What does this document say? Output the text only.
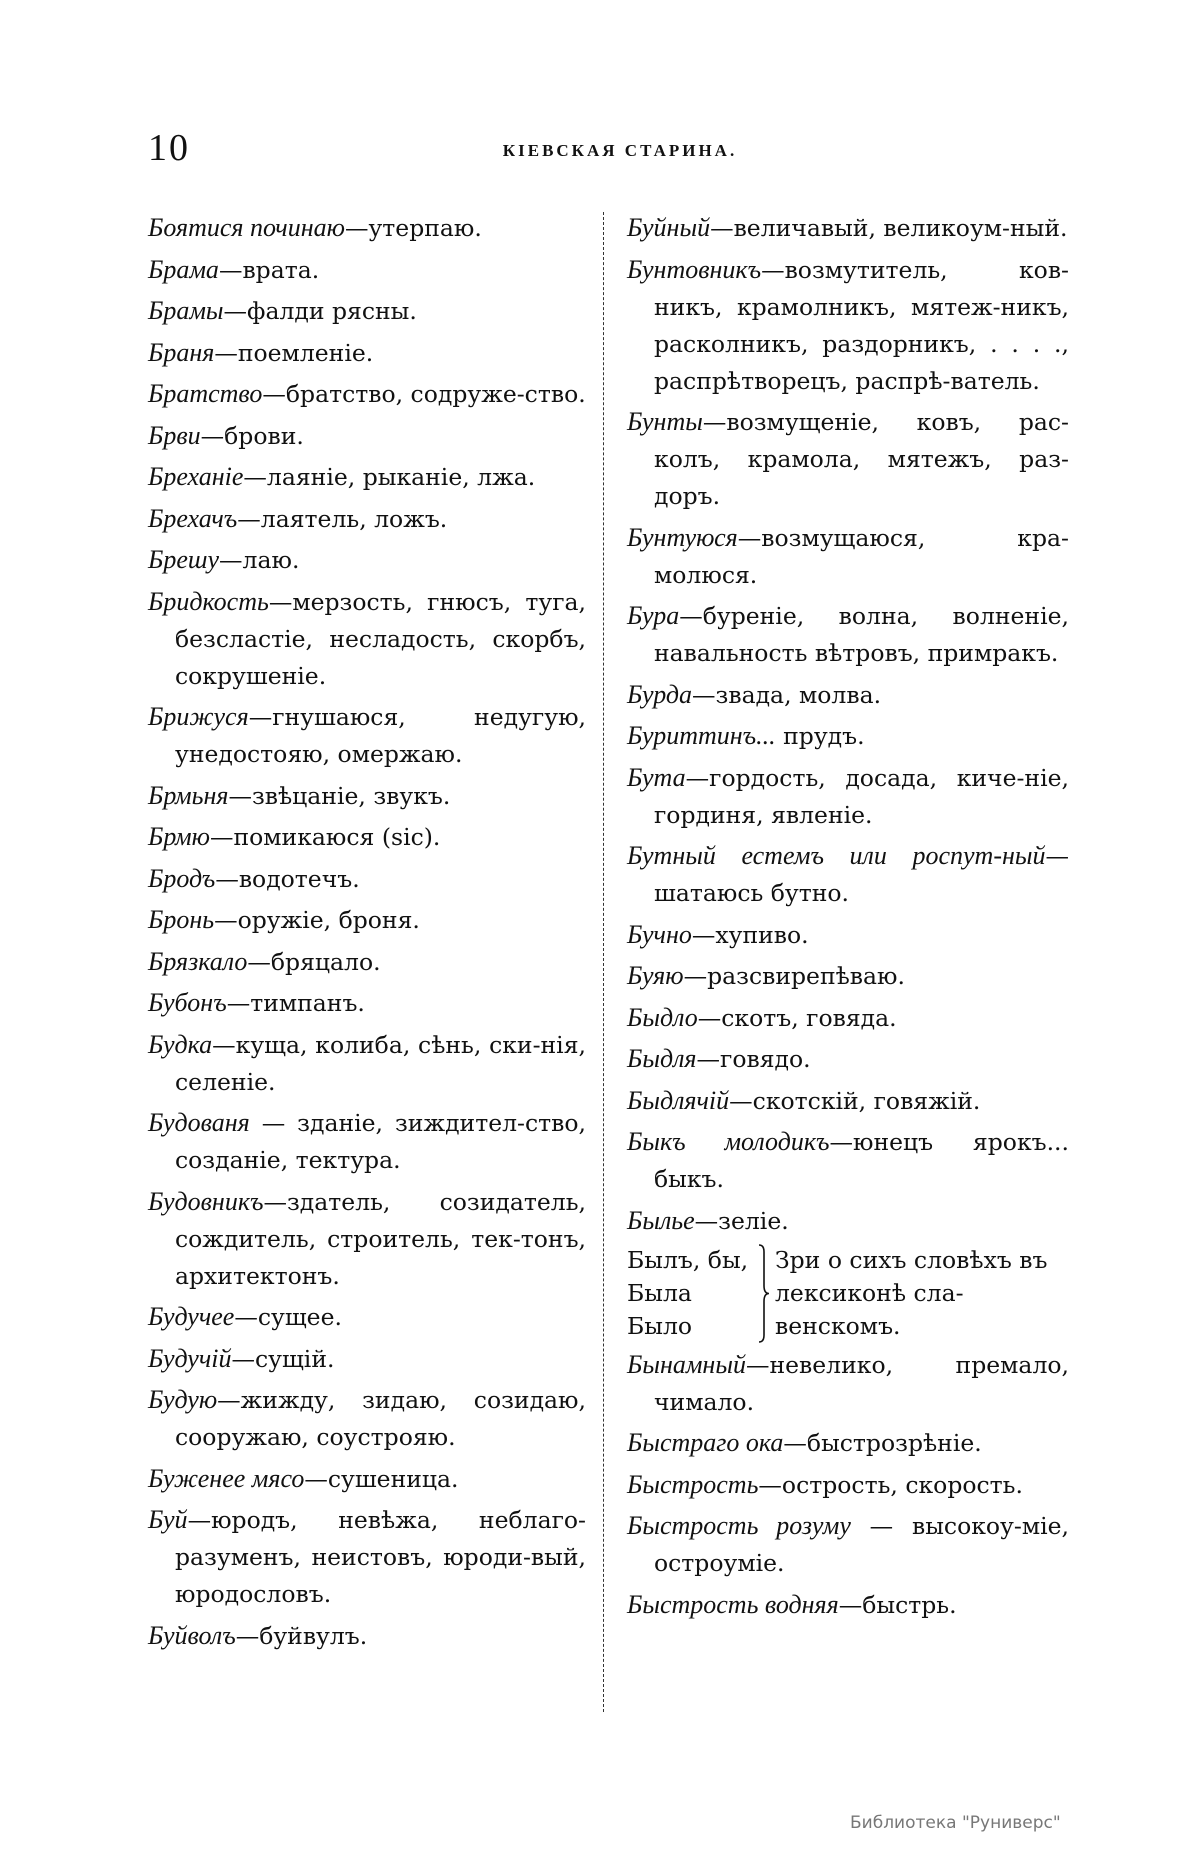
10	КІЕВСКАЯ СТАРИНА.
Боятися починаю—утерпаю.
Брама—врата.
Брамы—фалди рясны.
Браня—поемленіе.
Братство—братство, содруже-ство.
Брви—брови.
Бреханіе—лаяніе, рыканіе, лжа.
Брехачъ—лаятель, ложъ.
Брешу—лаю.
Бридкость—мерзость, гнюсъ, туга, безсластіе, несладость, скорбъ, сокрушеніе.
Брижуся—гнушаюся, недугую, унедостояю, омержаю.
Брмьня—звѣцаніе, звукъ.
Брмю—помикаюся (sic).
Бродъ—водотечъ.
Бронь—оружіе, броня.
Брязкало—бряцало.
Бубонъ—тимпанъ.
Будка—куща, колиба, сѣнь, ски-нія, селеніе.
Будованя — зданіе, зиждител-ство, созданіе, тектура.
Будовникъ—здатель, созидатель, сождитель, строитель, тек-тонъ, архитектонъ.
Будучее—сущее.
Будучій—сущій.
Будую—жижду, зидаю, созидаю, сооружаю, соустрояю.
Буженее мясо—сушеница.
Буй—юродъ, невѣжа, неблаго-разуменъ, неистовъ, юроди-вый, юродословъ.
Буйволъ—буйвулъ.
Буйный—величавый, великоум-ный.
Бунтовникъ—возмутитель, ков-никъ, крамолникъ, мятеж-никъ, расколникъ, раздорникъ, . . . ., распрѣтворецъ, распрѣ-ватель.
Бунты—возмущеніе, ковъ, рас-колъ, крамола, мятежъ, раз-доръ.
Бунтуюся—возмущаюся, кра-молюся.
Бура—буреніе, волна, волненіе, навальность вѣтровъ, примракъ.
Бурда—звада, молва.
Буриттинъ... прудъ.
Бута—гордость, досада, киче-ніе, гординя, явленіе.
Бутный естемъ или роспут-ный—шатаюсь бутно.
Бучно—хупиво.
Буяю—разсвирепѣваю.
Быдло—скотъ, говяда.
Быдля—говядо.
Быдлячій—скотскій, говяжій.
Быкъ молодикъ—юнецъ ярокъ... быкъ.
Былье—зеліе.
Былъ, бы,
Была
Было
Зри о сихъ словѣхъ въ лексиконѣ сла-венскомъ.
Бынамный—невелико, премало, чимало.
Быстраго ока—быстрозрѣніе.
Быстрость—острость, скорость.
Быстрость розуму — высокоу-міе, остроуміе.
Быстрость водняя—быстрь.
Библиотека "Руниверс"
